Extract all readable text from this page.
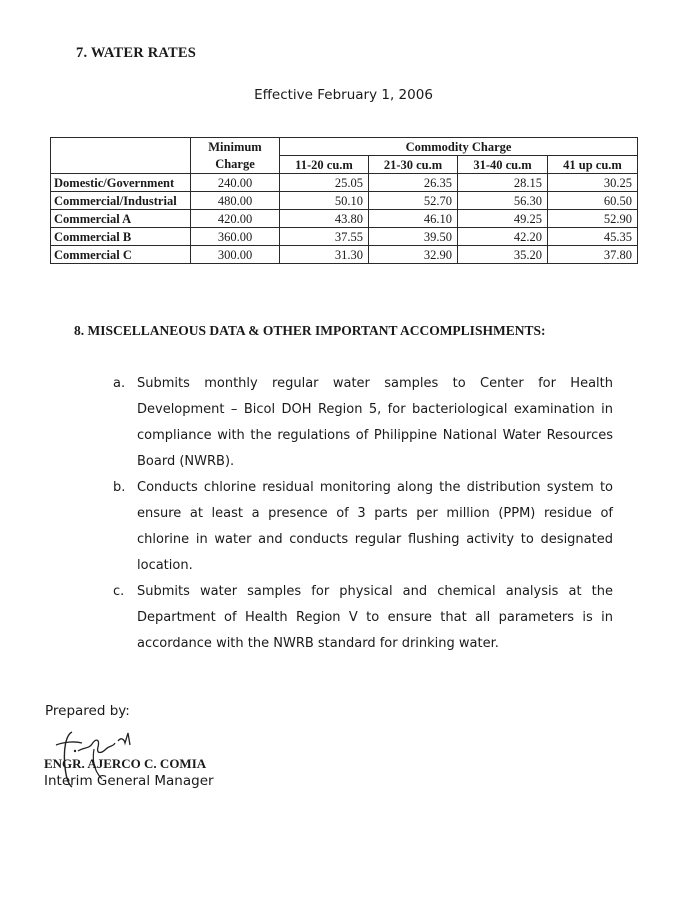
7. WATER RATES
Effective February 1, 2006
	Minimum	Commodity Charge			
	Charge	11-20 cu.m	21-30 cu.m	31-40 cu.m	41 up cu.m
Domestic/Government	240.00	25.05	26.35	28.15	30.25
Commercial/Industrial	480.00	50.10	52.70	56.30	60.50
Commercial A	420.00	43.80	46.10	49.25	52.90
Commercial B	360.00	37.55	39.50	42.20	45.35
Commercial C	300.00	31.30	32.90	35.20	37.80
8. MISCELLANEOUS DATA & OTHER IMPORTANT ACCOMPLISHMENTS:
a. Submits monthly regular water samples to Center for Health Development – Bicol DOH Region 5, for bacteriological examination in compliance with the regulations of Philippine National Water Resources Board (NWRB).
b. Conducts chlorine residual monitoring along the distribution system to ensure at least a presence of 3 parts per million (PPM) residue of chlorine in water and conducts regular flushing activity to designated location.
c. Submits water samples for physical and chemical analysis at the Department of Health Region V to ensure that all parameters is in accordance with the NWRB standard for drinking water.
Prepared by:
ENGR. AJERCO C. COMIA
Interim General Manager
